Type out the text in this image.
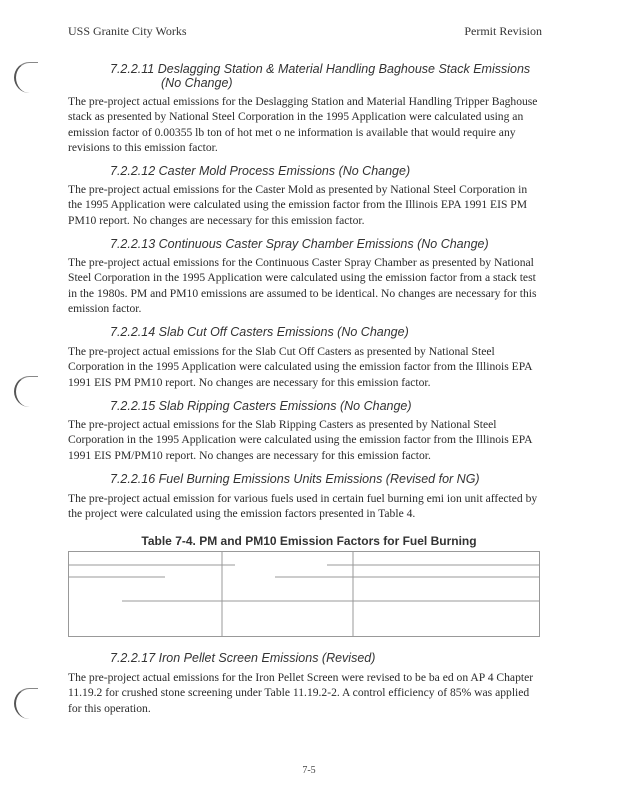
USS Granite City Works	Permit Revision
7.2.2.11 Deslagging Station & Material Handling Baghouse Stack Emissions
(No Change)
The pre-project actual emissions for the Deslagging Station and Material Handling Tripper Baghouse stack as presented by National Steel Corporation in the 1995 Application were calculated using an emission factor of 0.00355 lb ton of hot met o ne information is available that would require any revisions to this emission factor.
7.2.2.12 Caster Mold Process Emissions (No Change)
The pre-project actual emissions for the Caster Mold as presented by National Steel Corporation in the 1995 Application were calculated using the emission factor from the Illinois EPA 1991 EIS PM PM10 report. No changes are necessary for this emission factor.
7.2.2.13 Continuous Caster Spray Chamber Emissions (No Change)
The pre-project actual emissions for the Continuous Caster Spray Chamber as presented by National Steel Corporation in the 1995 Application were calculated using the emission factor from a stack test in the 1980s. PM and PM10 emissions are assumed to be identical. No changes are necessary for this emission factor.
7.2.2.14 Slab Cut Off Casters Emissions (No Change)
The pre-project actual emissions for the Slab Cut Off Casters as presented by National Steel Corporation in the 1995 Application were calculated using the emission factor from the Illinois EPA 1991 EIS PM PM10 report. No changes are necessary for this emission factor.
7.2.2.15 Slab Ripping Casters Emissions (No Change)
The pre-project actual emissions for the Slab Ripping Casters as presented by National Steel Corporation in the 1995 Application were calculated using the emission factor from the Illinois EPA 1991 EIS PM/PM10 report. No changes are necessary for this emission factor.
7.2.2.16 Fuel Burning Emissions Units Emissions (Revised for NG)
The pre-project actual emission for various fuels used in certain fuel burning emi ion unit affected by the project were calculated using the emission factors presented in Table 4.
Table 7-4. PM and PM10 Emission Factors for Fuel Burning
7.2.2.17 Iron Pellet Screen Emissions (Revised)
The pre-project actual emissions for the Iron Pellet Screen were revised to be ba ed on AP 4 Chapter 11.19.2 for crushed stone screening under Table 11.19.2-2. A control efficiency of 85% was applied for this operation.
7-5
